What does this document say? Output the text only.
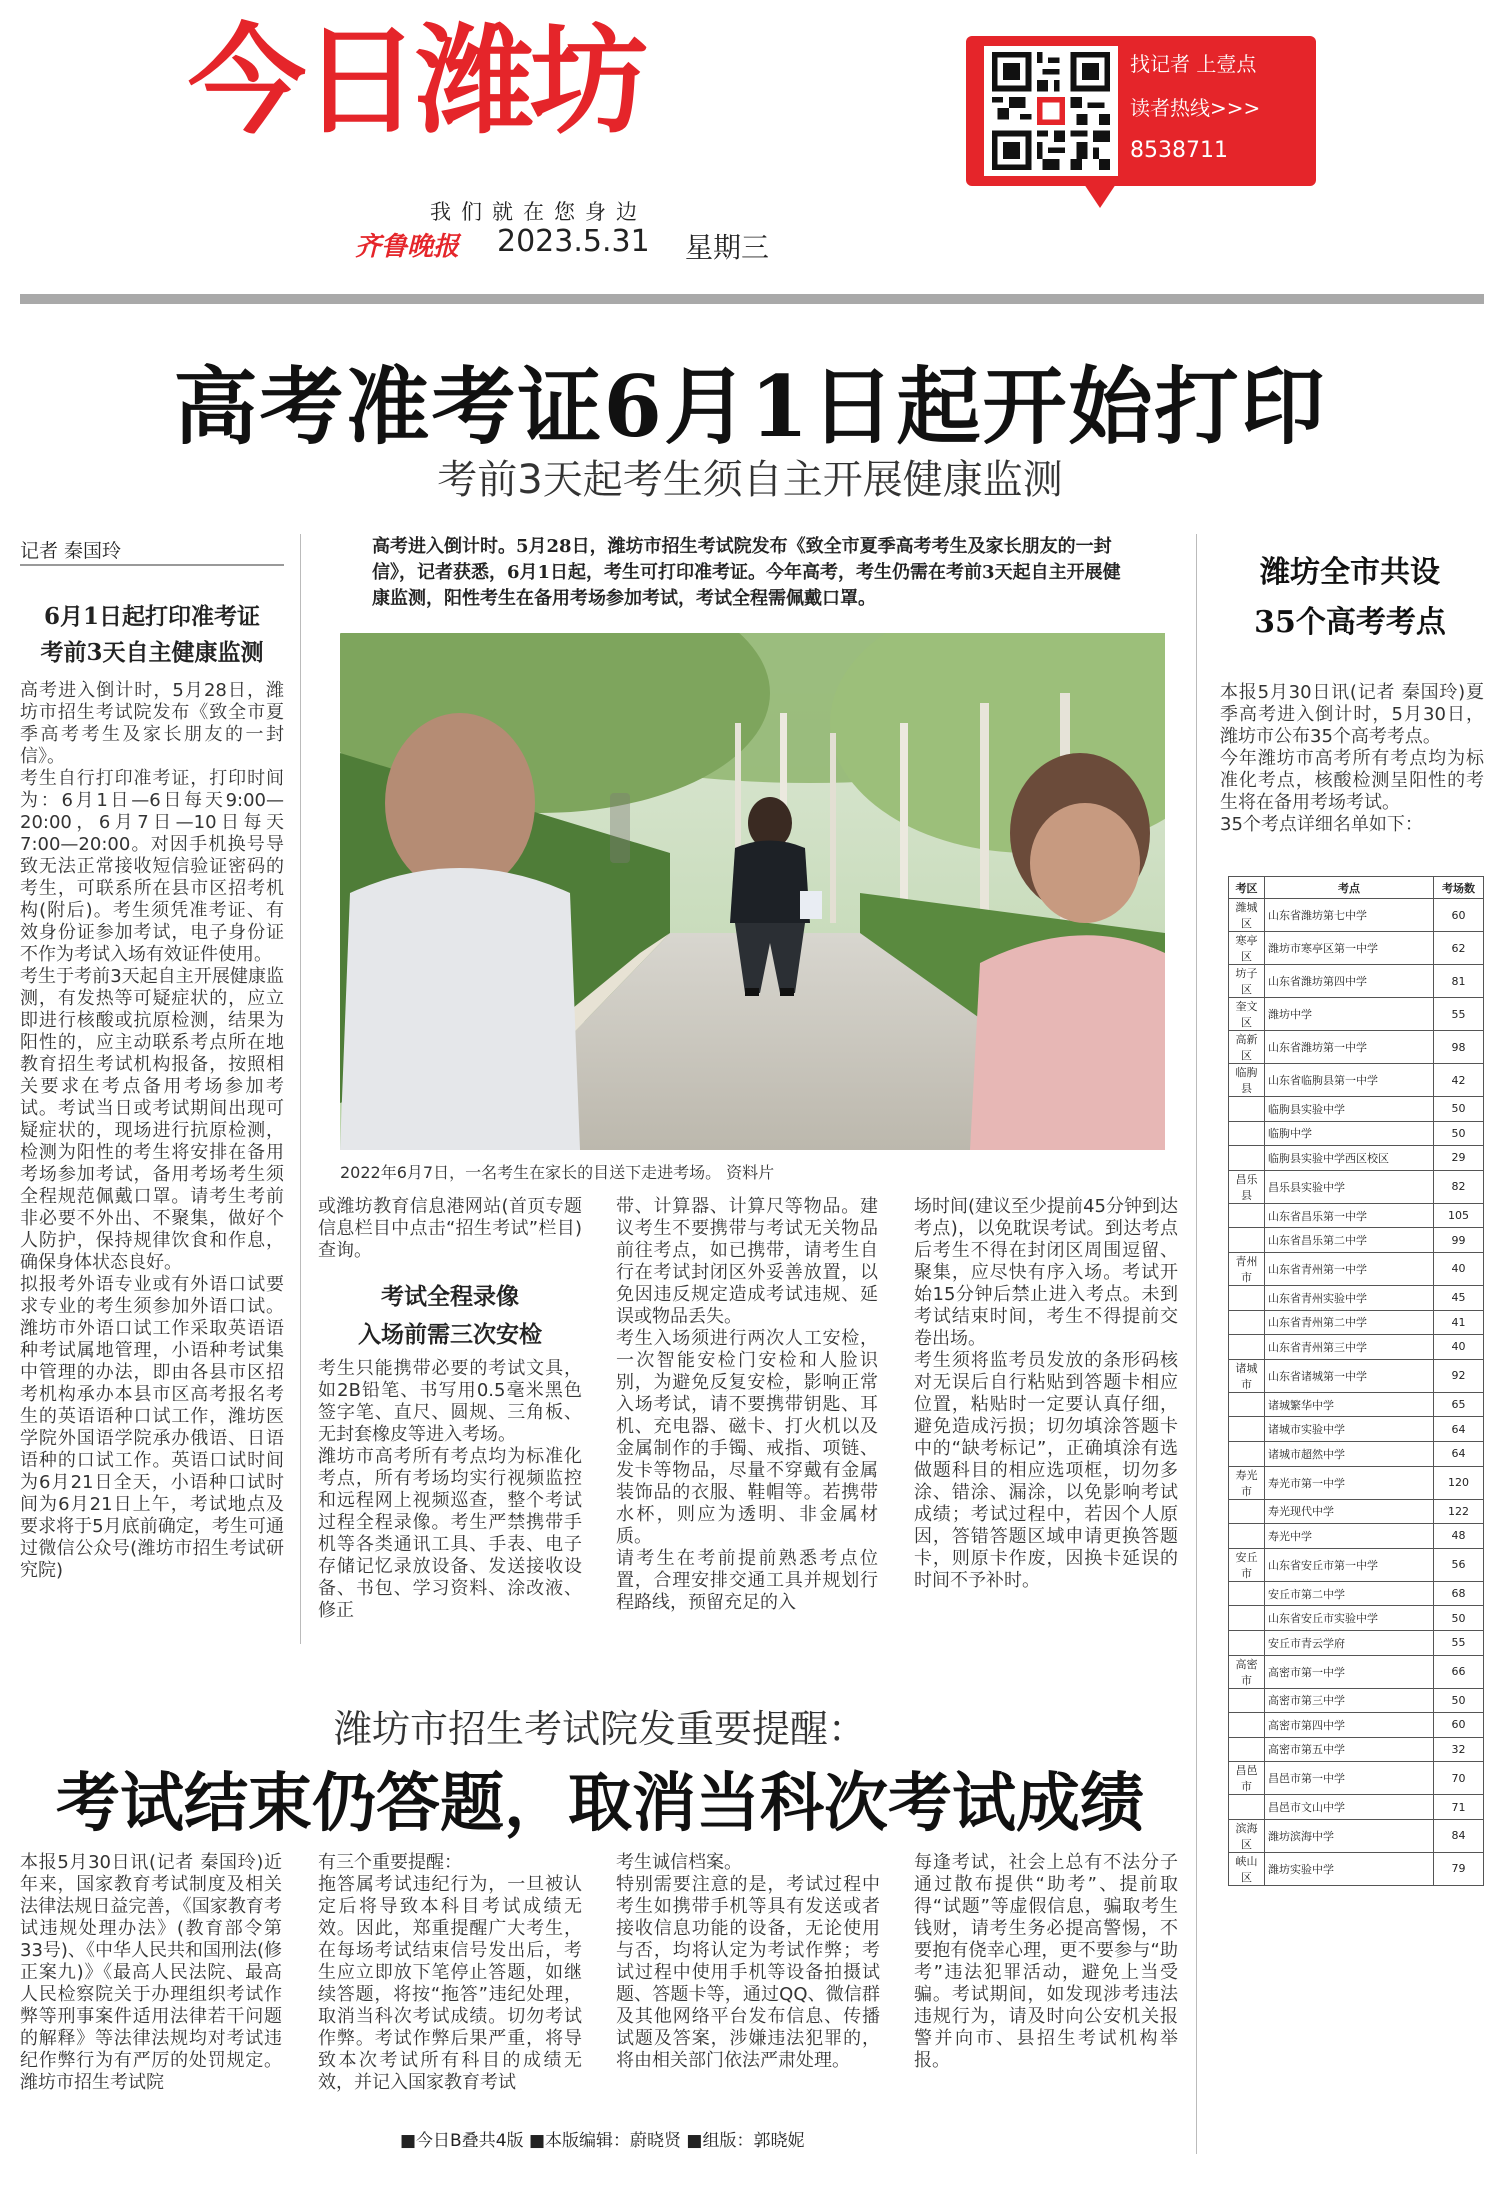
今日潍坊
我们就在您身边
齐鲁晚报 2023.5.31 星期三
找记者 上壹点
读者热线>>>
8538711
高考准考证6月1日起开始打印
考前3天起考生须自主开展健康监测
记者 秦国玲
6月1日起打印准考证
考前3天自主健康监测
高考进入倒计时，5月28日，潍坊市招生考试院发布《致全市夏季高考考生及家长朋友的一封信》。
考生自行打印准考证，打印时间为：6月1日—6日每天9:00—20:00，6月7日—10日每天7:00—20:00。对因手机换号导致无法正常接收短信验证密码的考生，可联系所在县市区招考机构(附后)。考生须凭准考证、有效身份证参加考试，电子身份证不作为考试入场有效证件使用。
考生于考前3天起自主开展健康监测，有发热等可疑症状的，应立即进行核酸或抗原检测，结果为阳性的，应主动联系考点所在地教育招生考试机构报备，按照相关要求在考点备用考场参加考试。考试当日或考试期间出现可疑症状的，现场进行抗原检测，检测为阳性的考生将安排在备用考场参加考试，备用考场考生须全程规范佩戴口罩。请考生考前非必要不外出、不聚集，做好个人防护，保持规律饮食和作息，确保身体状态良好。
拟报考外语专业或有外语口试要求专业的考生须参加外语口试。潍坊市外语口试工作采取英语语种考试属地管理，小语种考试集中管理的办法，即由各县市区招考机构承办本县市区高考报名考生的英语语种口试工作，潍坊医学院外国语学院承办俄语、日语语种的口试工作。英语口试时间为6月21日全天，小语种口试时间为6月21日上午，考试地点及要求将于5月底前确定，考生可通过微信公众号(潍坊市招生考试研究院)
高考进入倒计时。5月28日，潍坊市招生考试院发布《致全市夏季高考考生及家长朋友的一封信》，记者获悉，6月1日起，考生可打印准考证。今年高考，考生仍需在考前3天起自主开展健康监测，阳性考生在备用考场参加考试，考试全程需佩戴口罩。
2022年6月7日，一名考生在家长的目送下走进考场。 资料片
或潍坊教育信息港网站(首页专题信息栏目中点击“招生考试”栏目)查询。
考试全程录像
入场前需三次安检
考生只能携带必要的考试文具，如2B铅笔、书写用0.5毫米黑色签字笔、直尺、圆规、三角板、无封套橡皮等进入考场。
潍坊市高考所有考点均为标准化考点，所有考场均实行视频监控和远程网上视频巡查，整个考试过程全程录像。考生严禁携带手机等各类通讯工具、手表、电子存储记忆录放设备、发送接收设备、书包、学习资料、涂改液、修正
带、计算器、计算尺等物品。建议考生不要携带与考试无关物品前往考点，如已携带，请考生自行在考试封闭区外妥善放置，以免因违反规定造成考试违规、延误或物品丢失。
考生入场须进行两次人工安检，一次智能安检门安检和人脸识别，为避免反复安检，影响正常入场考试，请不要携带钥匙、耳机、充电器、磁卡、打火机以及金属制作的手镯、戒指、项链、发卡等物品，尽量不穿戴有金属装饰品的衣服、鞋帽等。若携带水杯，则应为透明、非金属材质。
请考生在考前提前熟悉考点位置，合理安排交通工具并规划行程路线，预留充足的入
场时间(建议至少提前45分钟到达考点)，以免耽误考试。到达考点后考生不得在封闭区周围逗留、聚集，应尽快有序入场。考试开始15分钟后禁止进入考点。未到考试结束时间，考生不得提前交卷出场。
考生须将监考员发放的条形码核对无误后自行粘贴到答题卡相应位置，粘贴时一定要认真仔细，避免造成污损；切勿填涂答题卡中的“缺考标记”，正确填涂有选做题科目的相应选项框，切勿多涂、错涂、漏涂，以免影响考试成绩；考试过程中，若因个人原因，答错答题区域申请更换答题卡，则原卡作废，因换卡延误的时间不予补时。
潍坊全市共设
35个高考考点
本报5月30日讯(记者 秦国玲)夏季高考进入倒计时，5月30日，潍坊市公布35个高考考点。
今年潍坊市高考所有考点均为标准化考点，核酸检测呈阳性的考生将在备用考场考试。
35个考点详细名单如下：
考区	考点	考场数
潍城区	山东省潍坊第七中学	60
寒亭区	潍坊市寒亭区第一中学	62
坊子区	山东省潍坊第四中学	81
奎文区	潍坊中学	55
高新区	山东省潍坊第一中学	98
临朐县	山东省临朐县第一中学	42
	临朐县实验中学	50
	临朐中学	50
	临朐县实验中学西区校区	29
昌乐县	昌乐县实验中学	82
	山东省昌乐第一中学	105
	山东省昌乐第二中学	99
青州市	山东省青州第一中学	40
	山东省青州实验中学	45
	山东省青州第二中学	41
	山东省青州第三中学	40
诸城市	山东省诸城第一中学	92
	诸城繁华中学	65
	诸城市实验中学	64
	诸城市超然中学	64
寿光市	寿光市第一中学	120
	寿光现代中学	122
	寿光中学	48
安丘市	山东省安丘市第一中学	56
	安丘市第二中学	68
	山东省安丘市实验中学	50
	安丘市青云学府	55
高密市	高密市第一中学	66
	高密市第三中学	50
	高密市第四中学	60
	高密市第五中学	32
昌邑市	昌邑市第一中学	70
	昌邑市文山中学	71
滨海区	潍坊滨海中学	84
峡山区	潍坊实验中学	79
潍坊市招生考试院发重要提醒：
考试结束仍答题，取消当科次考试成绩
本报5月30日讯(记者 秦国玲)近年来，国家教育考试制度及相关法律法规日益完善，《国家教育考试违规处理办法》(教育部令第33号)、《中华人民共和国刑法(修正案九)》《最高人民法院、最高人民检察院关于办理组织考试作弊等刑事案件适用法律若干问题的解释》等法律法规均对考试违纪作弊行为有严厉的处罚规定。潍坊市招生考试院
有三个重要提醒：
拖答属考试违纪行为，一旦被认定后将导致本科目考试成绩无效。因此，郑重提醒广大考生，在每场考试结束信号发出后，考生应立即放下笔停止答题，如继续答题，将按“拖答”违纪处理，取消当科次考试成绩。切勿考试作弊。考试作弊后果严重，将导致本次考试所有科目的成绩无效，并记入国家教育考试
考生诚信档案。
特别需要注意的是，考试过程中考生如携带手机等具有发送或者接收信息功能的设备，无论使用与否，均将认定为考试作弊；考试过程中使用手机等设备拍摄试题、答题卡等，通过QQ、微信群及其他网络平台发布信息、传播试题及答案，涉嫌违法犯罪的，将由相关部门依法严肃处理。
每逢考试，社会上总有不法分子通过散布提供“助考”、提前取得“试题”等虚假信息，骗取考生钱财，请考生务必提高警惕，不要抱有侥幸心理，更不要参与“助考”违法犯罪活动，避免上当受骗。考试期间，如发现涉考违法违规行为，请及时向公安机关报警并向市、县招生考试机构举报。
■今日B叠共4版 ■本版编辑：蔚晓贤 ■组版：郭晓妮
